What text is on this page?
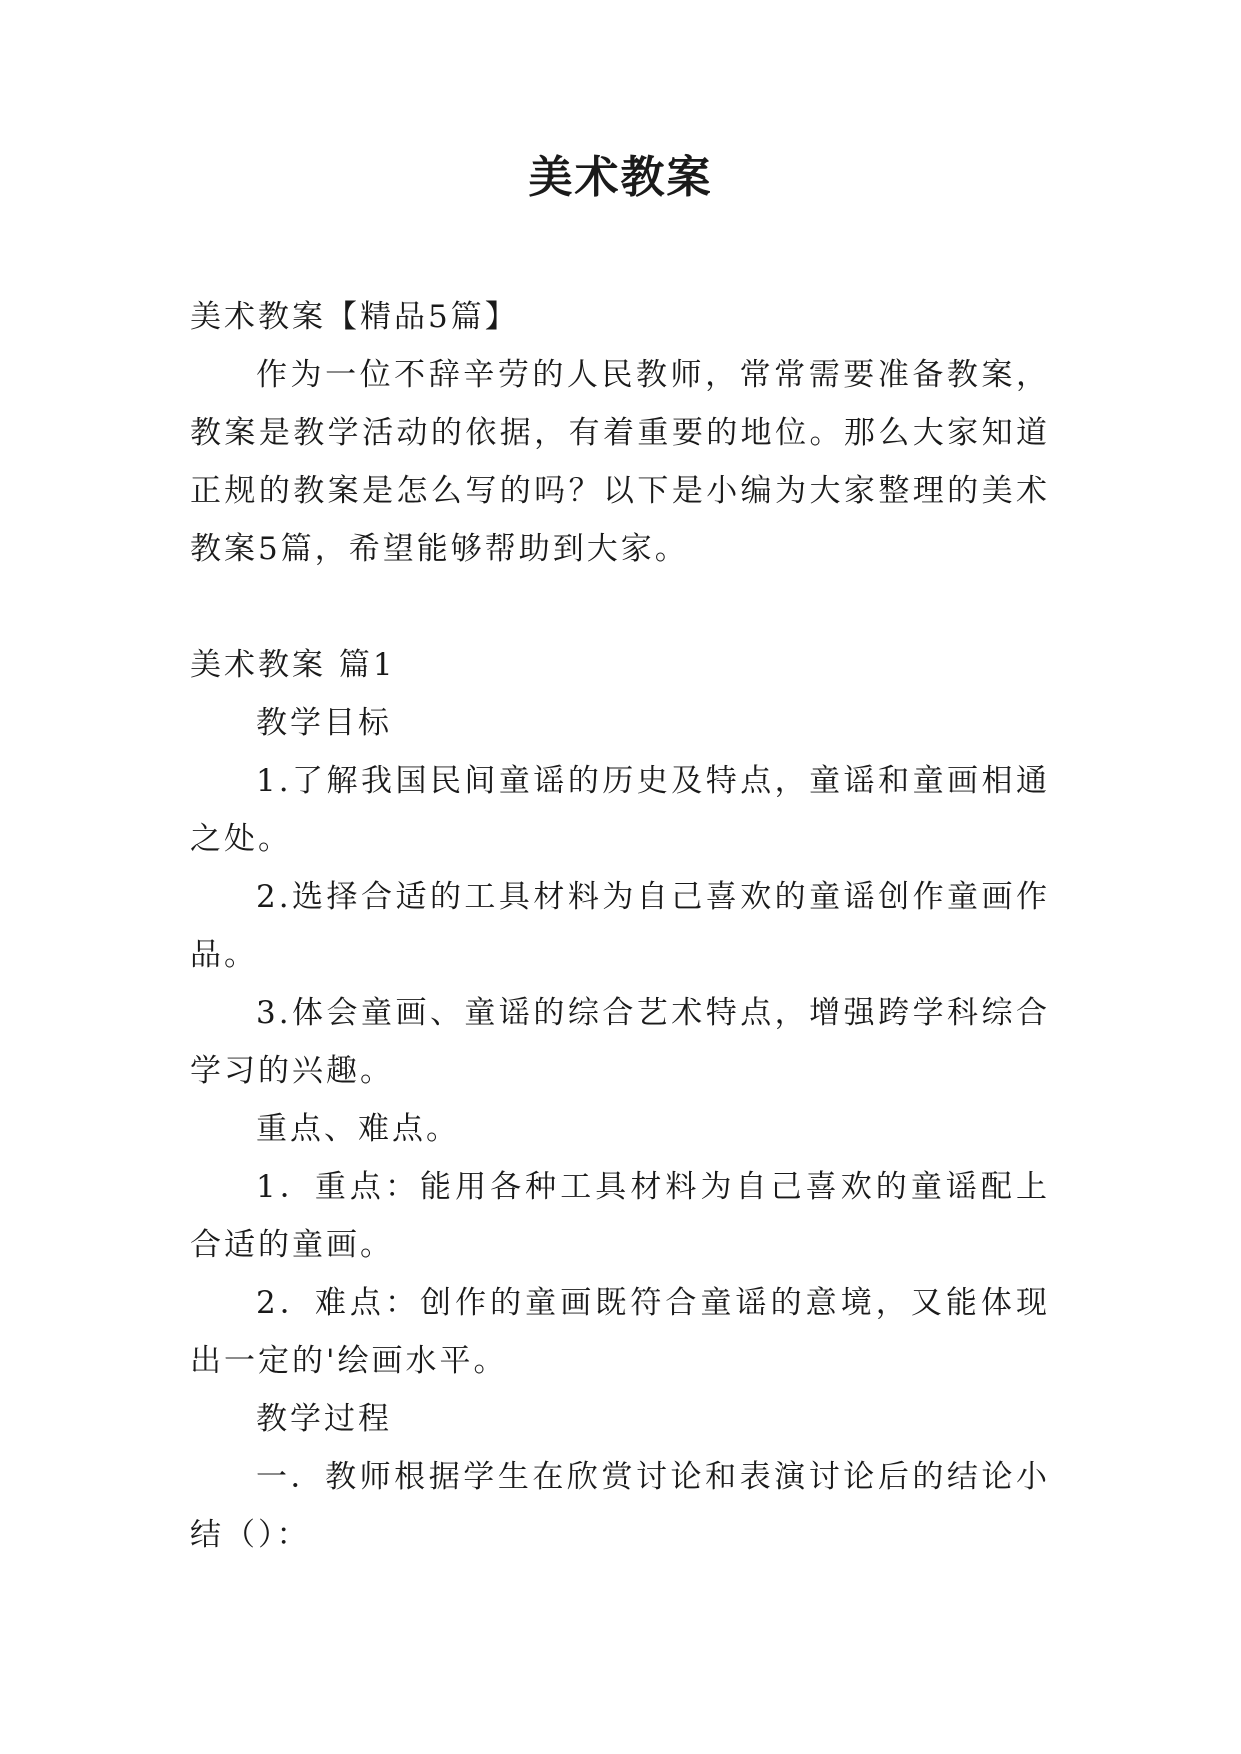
美术教案

美术教案【精品5篇】

作为一位不辞辛劳的人民教师，常常需要准备教案，教案是教学活动的依据，有着重要的地位。那么大家知道正规的教案是怎么写的吗？以下是小编为大家整理的美术教案5篇，希望能够帮助到大家。

美术教案 篇1

教学目标

1.了解我国民间童谣的历史及特点，童谣和童画相通之处。

2.选择合适的工具材料为自己喜欢的童谣创作童画作品。

3.体会童画、童谣的综合艺术特点，增强跨学科综合学习的兴趣。

重点、难点。

1．重点：能用各种工具材料为自己喜欢的童谣配上合适的童画。

2．难点：创作的童画既符合童谣的意境，又能体现出一定的'绘画水平。

教学过程

一．教师根据学生在欣赏讨论和表演讨论后的结论小结（）：
